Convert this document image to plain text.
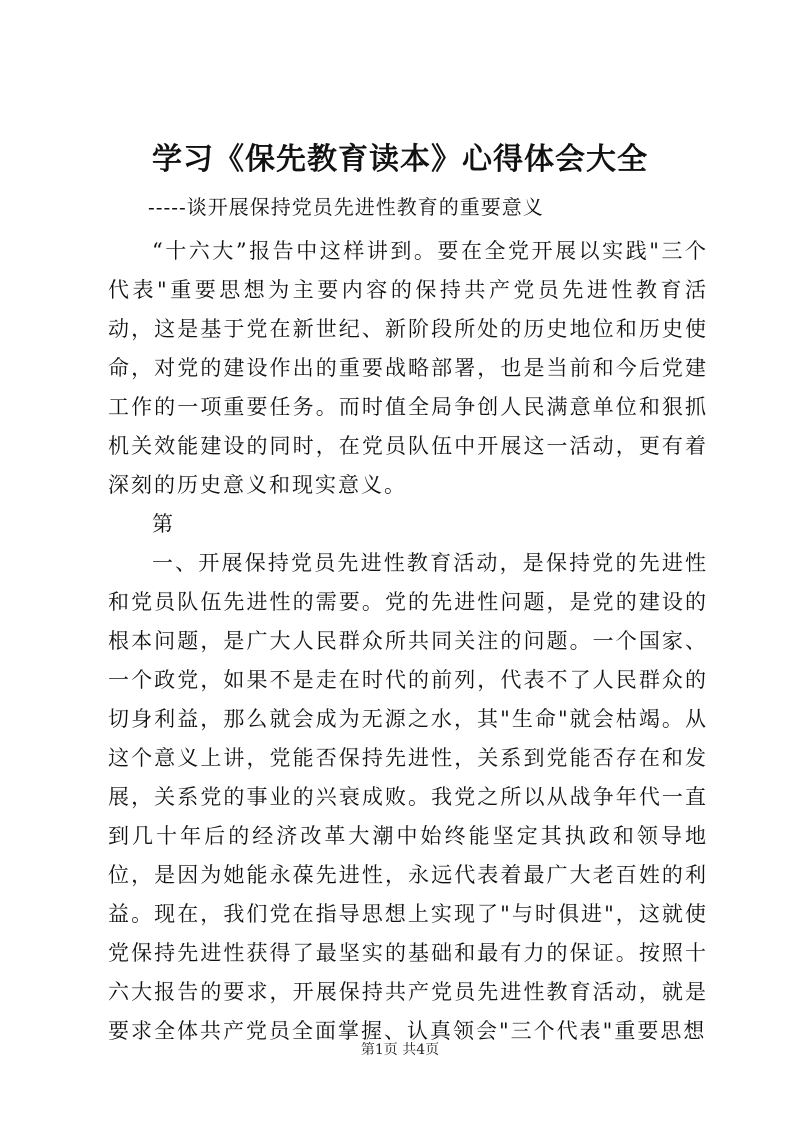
学习《保先教育读本》心得体会大全

-----谈开展保持党员先进性教育的重要意义

“十六大”报告中这样讲到。要在全党开展以实践"三个代表"重要思想为主要内容的保持共产党员先进性教育活动，这是基于党在新世纪、新阶段所处的历史地位和历史使命，对党的建设作出的重要战略部署，也是当前和今后党建工作的一项重要任务。而时值全局争创人民满意单位和狠抓机关效能建设的同时，在党员队伍中开展这一活动，更有着深刻的历史意义和现实意义。

第

一、开展保持党员先进性教育活动，是保持党的先进性和党员队伍先进性的需要。党的先进性问题，是党的建设的根本问题，是广大人民群众所共同关注的问题。一个国家、一个政党，如果不是走在时代的前列，代表不了人民群众的切身利益，那么就会成为无源之水，其"生命"就会枯竭。从这个意义上讲，党能否保持先进性，关系到党能否存在和发展，关系党的事业的兴衰成败。我党之所以从战争年代一直到几十年后的经济改革大潮中始终能坚定其执政和领导地位，是因为她能永葆先进性，永远代表着最广大老百姓的利益。现在，我们党在指导思想上实现了"与时俱进"，这就使党保持先进性获得了最坚实的基础和最有力的保证。按照十六大报告的要求，开展保持共产党员先进性教育活动，就是要求全体共产党员全面掌握、认真领会"三个代表"重要思想

第1页 共4页
